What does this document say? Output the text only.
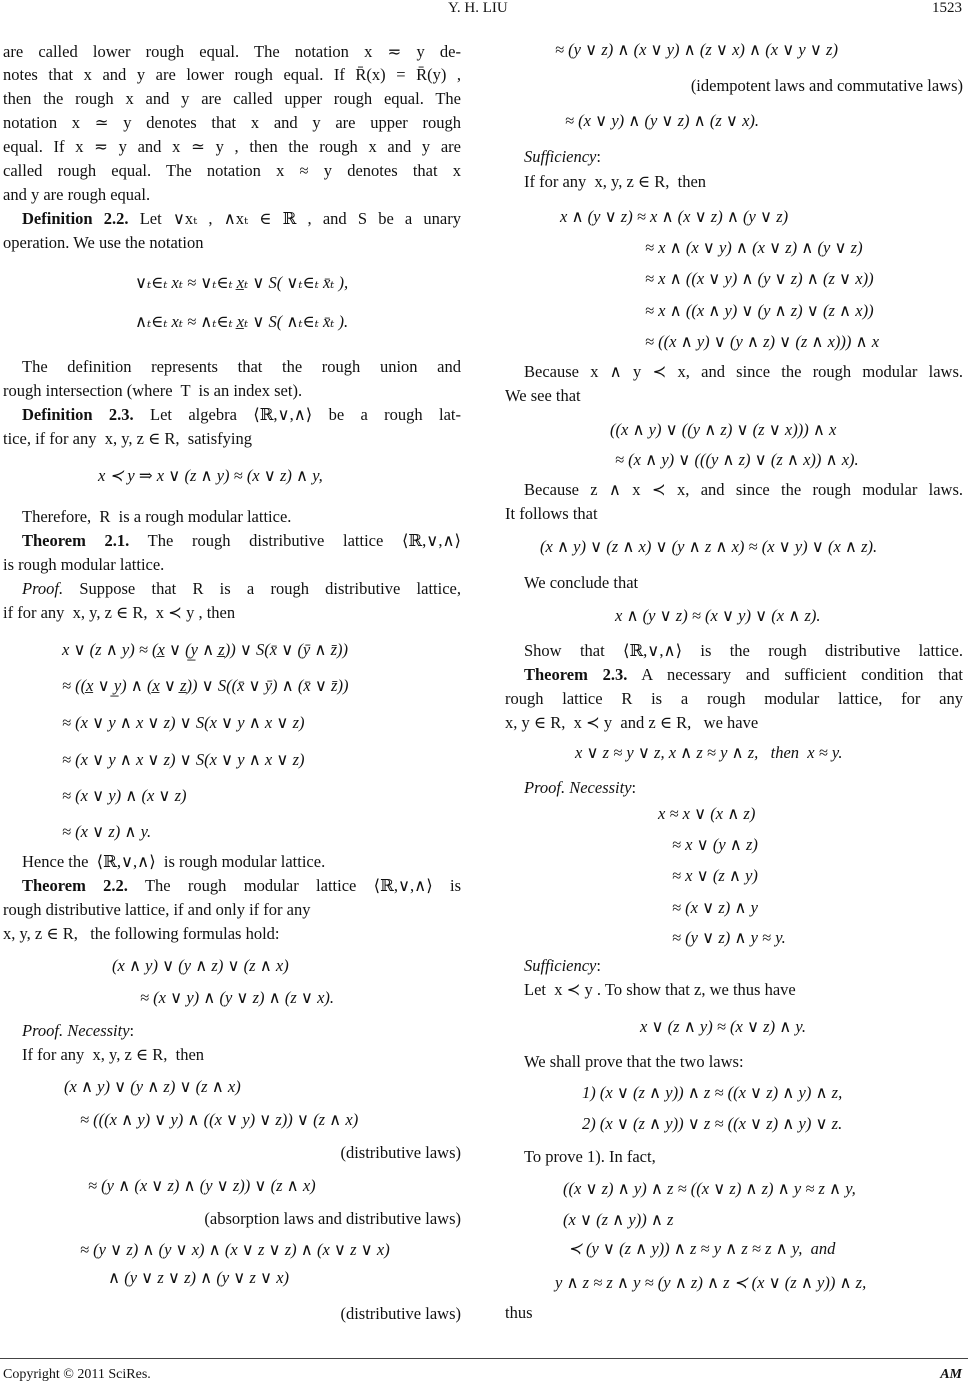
Y. H. LIU	1523
are called lower rough equal. The notation x ≂ y de-
notes that x and y are lower rough equal. If R̄(x) = R̄(y) ,
then the rough x and y are called upper rough equal. The
notation x ≃ y denotes that x and y are upper rough
equal. If x ≂ y and x ≃ y , then the rough x and y are
called rough equal. The notation x ≈ y denotes that x
and y are rough equal.
Definition 2.2. Let ∨xₜ , ∧xₜ ∈ ℝ , and S be a unary
operation. We use the notation
∨ₜ∈ₜ xₜ ≈ ∨ₜ∈ₜ x̲ₜ ∨ S( ∨ₜ∈ₜ x̄ₜ ),
∧ₜ∈ₜ xₜ ≈ ∧ₜ∈ₜ x̲ₜ ∨ S( ∧ₜ∈ₜ x̄ₜ ).
The definition represents that the rough union and
rough intersection (where  T  is an index set).
Definition 2.3. Let algebra ⟨ℝ,∨,∧⟩ be a rough lat-
tice, if for any  x, y, z ∈ R,  satisfying
x ≺ y ⇒ x ∨ (z ∧ y) ≈ (x ∨ z) ∧ y,
Therefore,  R  is a rough modular lattice.
Theorem 2.1. The rough distributive lattice ⟨ℝ,∨,∧⟩
is rough modular lattice.
Proof. Suppose that R is a rough distributive lattice,
if for any  x, y, z ∈ R,  x ≺ y , then
x ∨ (z ∧ y) ≈ (x̲ ∨ (y̲ ∧ z̲)) ∨ S(x̄ ∨ (ȳ ∧ z̄))
≈ ((x̲ ∨ y̲) ∧ (x̲ ∨ z̲)) ∨ S((x̄ ∨ ȳ) ∧ (x̄ ∨ z̄))
≈ (x ∨ y ∧ x ∨ z) ∨ S(x ∨ y ∧ x ∨ z)
≈ (x ∨ y ∧ x ∨ z) ∨ S(x ∨ y ∧ x ∨ z)
≈ (x ∨ y) ∧ (x ∨ z)
≈ (x ∨ z) ∧ y.
Hence the  ⟨ℝ,∨,∧⟩  is rough modular lattice.
Theorem 2.2. The rough modular lattice ⟨ℝ,∨,∧⟩ is
rough distributive lattice, if and only if for any
x, y, z ∈ R,   the following formulas hold:
(x ∧ y) ∨ (y ∧ z) ∨ (z ∧ x)
≈ (x ∨ y) ∧ (y ∨ z) ∧ (z ∨ x).
Proof. Necessity:
If for any  x, y, z ∈ R,  then
(x ∧ y) ∨ (y ∧ z) ∨ (z ∧ x)
≈ (((x ∧ y) ∨ y) ∧ ((x ∨ y) ∨ z)) ∨ (z ∧ x)
(distributive laws)
≈ (y ∧ (x ∨ z) ∧ (y ∨ z)) ∨ (z ∧ x)
(absorption laws and distributive laws)
≈ (y ∨ z) ∧ (y ∨ x) ∧ (x ∨ z ∨ z) ∧ (x ∨ z ∨ x)
∧ (y ∨ z ∨ z) ∧ (y ∨ z ∨ x)
(distributive laws)
≈ (y ∨ z) ∧ (x ∨ y) ∧ (z ∨ x) ∧ (x ∨ y ∨ z)
(idempotent laws and commutative laws)
≈ (x ∨ y) ∧ (y ∨ z) ∧ (z ∨ x).
Sufficiency:
If for any  x, y, z ∈ R,  then
x ∧ (y ∨ z) ≈ x ∧ (x ∨ z) ∧ (y ∨ z)
≈ x ∧ (x ∨ y) ∧ (x ∨ z) ∧ (y ∨ z)
≈ x ∧ ((x ∨ y) ∧ (y ∨ z) ∧ (z ∨ x))
≈ x ∧ ((x ∧ y) ∨ (y ∧ z) ∨ (z ∧ x))
≈ ((x ∧ y) ∨ (y ∧ z) ∨ (z ∧ x))) ∧ x
Because x ∧ y ≺ x, and since the rough modular laws.
We see that
((x ∧ y) ∨ ((y ∧ z) ∨ (z ∨ x))) ∧ x
≈ (x ∧ y) ∨ (((y ∧ z) ∨ (z ∧ x)) ∧ x).
Because z ∧ x ≺ x, and since the rough modular laws.
It follows that
(x ∧ y) ∨ (z ∧ x) ∨ (y ∧ z ∧ x) ≈ (x ∨ y) ∨ (x ∧ z).
We conclude that
x ∧ (y ∨ z) ≈ (x ∨ y) ∨ (x ∧ z).
Show that ⟨ℝ,∨,∧⟩ is the rough distributive lattice.
Theorem 2.3. A necessary and sufficient condition that
rough lattice R is a rough modular lattice, for any
x, y ∈ R,  x ≺ y  and z ∈ R,   we have
x ∨ z ≈ y ∨ z, x ∧ z ≈ y ∧ z,   then  x ≈ y.
Proof. Necessity:
x ≈ x ∨ (x ∧ z)
≈ x ∨ (y ∧ z)
≈ x ∨ (z ∧ y)
≈ (x ∨ z) ∧ y
≈ (y ∨ z) ∧ y ≈ y.
Sufficiency:
Let  x ≺ y . To show that z, we thus have
x ∨ (z ∧ y) ≈ (x ∨ z) ∧ y.
We shall prove that the two laws:
1) (x ∨ (z ∧ y)) ∧ z ≈ ((x ∨ z) ∧ y) ∧ z,
2) (x ∨ (z ∧ y)) ∨ z ≈ ((x ∨ z) ∧ y) ∨ z.
To prove 1). In fact,
((x ∨ z) ∧ y) ∧ z ≈ ((x ∨ z) ∧ z) ∧ y ≈ z ∧ y,
(x ∨ (z ∧ y)) ∧ z
≺ (y ∨ (z ∧ y)) ∧ z ≈ y ∧ z ≈ z ∧ y,  and
y ∧ z ≈ z ∧ y ≈ (y ∧ z) ∧ z ≺ (x ∨ (z ∧ y)) ∧ z,
thus
Copyright © 2011 SciRes.	AM
